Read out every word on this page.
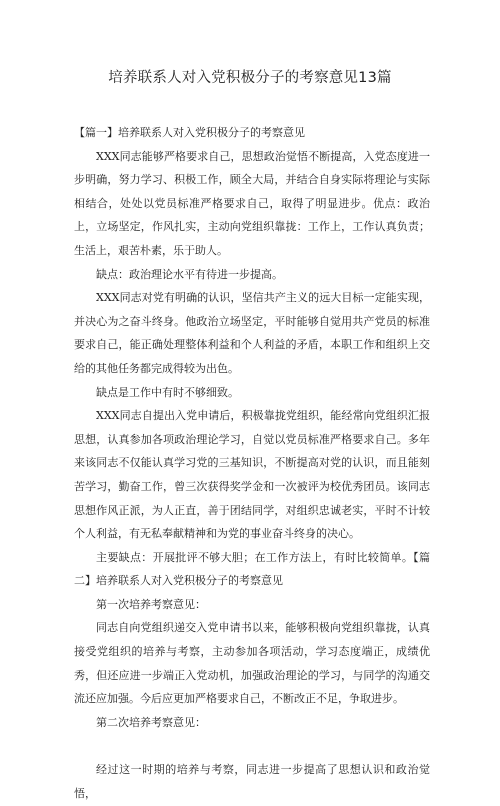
培养联系人对入党积极分子的考察意见13篇

【篇一】培养联系人对入党积极分子的考察意见

XXX同志能够严格要求自己，思想政治觉悟不断提高，入党态度进一步明确，努力学习、积极工作，顾全大局，并结合自身实际将理论与实际相结合，处处以党员标准严格要求自己，取得了明显进步。优点：政治上，立场坚定，作风扎实，主动向党组织靠拢：工作上，工作认真负责；生活上，艰苦朴素，乐于助人。

缺点：政治理论水平有待进一步提高。

XXX同志对党有明确的认识，坚信共产主义的远大目标一定能实现，并决心为之奋斗终身。他政治立场坚定，平时能够自觉用共产党员的标准要求自己，能正确处理整体利益和个人利益的矛盾，本职工作和组织上交给的其他任务都完成得较为出色。

缺点是工作中有时不够细致。

XXX同志自提出入党申请后，积极靠拢党组织，能经常向党组织汇报思想，认真参加各项政治理论学习，自觉以党员标准严格要求自己。多年来该同志不仅能认真学习党的三基知识，不断提高对党的认识，而且能刻苦学习，勤奋工作，曾三次获得奖学金和一次被评为校优秀团员。该同志思想作风正派，为人正直，善于团结同学，对组织忠诚老实，平时不计较个人利益，有无私奉献精神和为党的事业奋斗终身的决心。

主要缺点：开展批评不够大胆；在工作方法上，有时比较简单。【篇二】培养联系人对入党积极分子的考察意见

第一次培养考察意见：

同志自向党组织递交入党申请书以来，能够积极向党组织靠拢，认真接受党组织的培养与考察，主动参加各项活动，学习态度端正，成绩优秀，但还应进一步端正入党动机，加强政治理论的学习，与同学的沟通交流还应加强。今后应更加严格要求自己，不断改正不足，争取进步。

第二次培养考察意见：

经过这一时期的培养与考察，同志进一步提高了思想认识和政治觉悟，
